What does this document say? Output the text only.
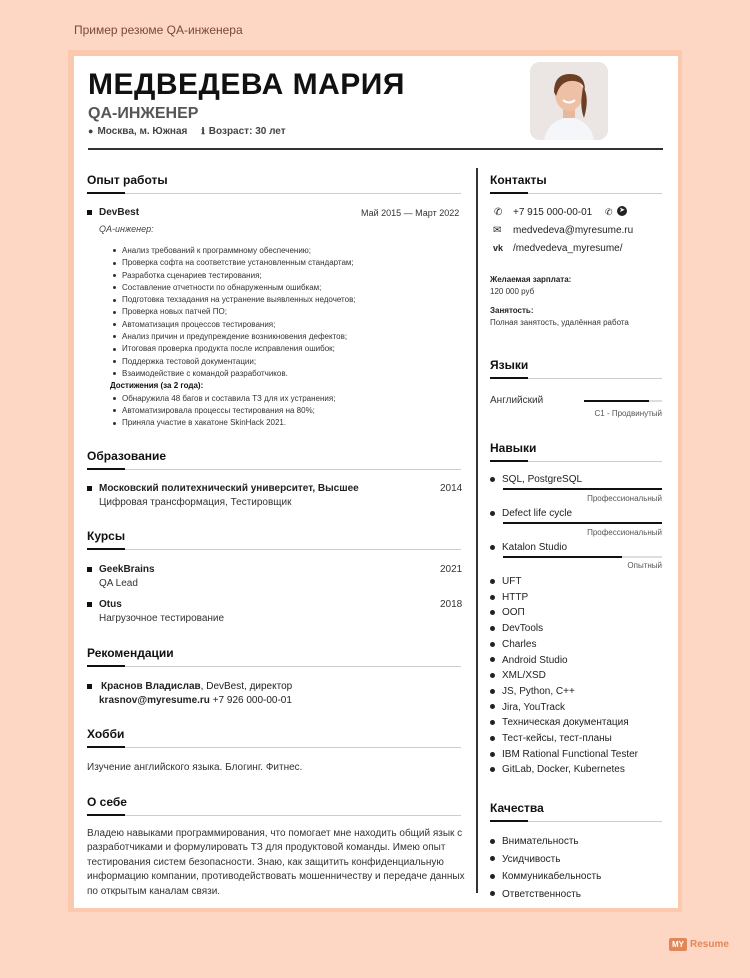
Пример резюме QA-инженера
МЕДВЕДЕВА МАРИЯ
QA-ИНЖЕНЕР
● Москва, м. Южная ℹ Возраст: 30 лет
Опыт работы
DevBest	Май 2015 — Март 2022
QA-инженер:
Анализ требований к программному обеспечению;
Проверка софта на соответствие установленным стандартам;
Разработка сценариев тестирования;
Составление отчетности по обнаруженным ошибкам;
Подготовка техзадания на устранение выявленных недочетов;
Проверка новых патчей ПО;
Автоматизация процессов тестирования;
Анализ причин и предупреждение возникновения дефектов;
Итоговая проверка продукта после исправления ошибок;
Поддержка тестовой документации;
Взаимодействие с командой разработчиков.
Достижения (за 2 года):
Обнаружила 48 багов и составила ТЗ для их устранения;
Автоматизировала процессы тестирования на 80%;
Приняла участие в хакатоне SkinHack 2021.
Образование
Московский политехнический университет, Высшее	2014
Цифровая трансформация, Тестировщик
Курсы
GeekBrains	2021
QA Lead
Otus	2018
Нагрузочное тестирование
Рекомендации
Краснов Владислав, DevBest, директор
krasnov@myresume.ru +7 926 000-00-01
Хобби
Изучение английского языка. Блогинг. Фитнес.
О себе
Владею навыками программирования, что помогает мне находить общий язык с разработчиками и формулировать ТЗ для продуктовой команды. Имею опыт тестирования систем безопасности. Знаю, как защитить конфиденциальную информацию компании, противодействовать мошенничеству и передаче данных по открытым каналам связи.
Контакты
✆ +7 915 000-00-01 ✆ ➤
✉ medvedeva@myresume.ru
vk /medvedeva_myresume/
Желаемая зарплата:
120 000 руб
Занятость:
Полная занятость, удалённая работа
Языки
Английский
C1 - Продвинутый
Навыки
SQL, PostgreSQL
Профессиональный
Defect life cycle
Профессиональный
Katalon Studio
Опытный
UFT
HTTP
ООП
DevTools
Charles
Android Studio
XML/XSD
JS, Python, C++
Jira, YouTrack
Техническая документация
Тест-кейсы, тест-планы
IBM Rational Functional Tester
GitLab, Docker, Kubernetes
Качества
Внимательность
Усидчивость
Коммуникабельность
Ответственность
MY Resume
